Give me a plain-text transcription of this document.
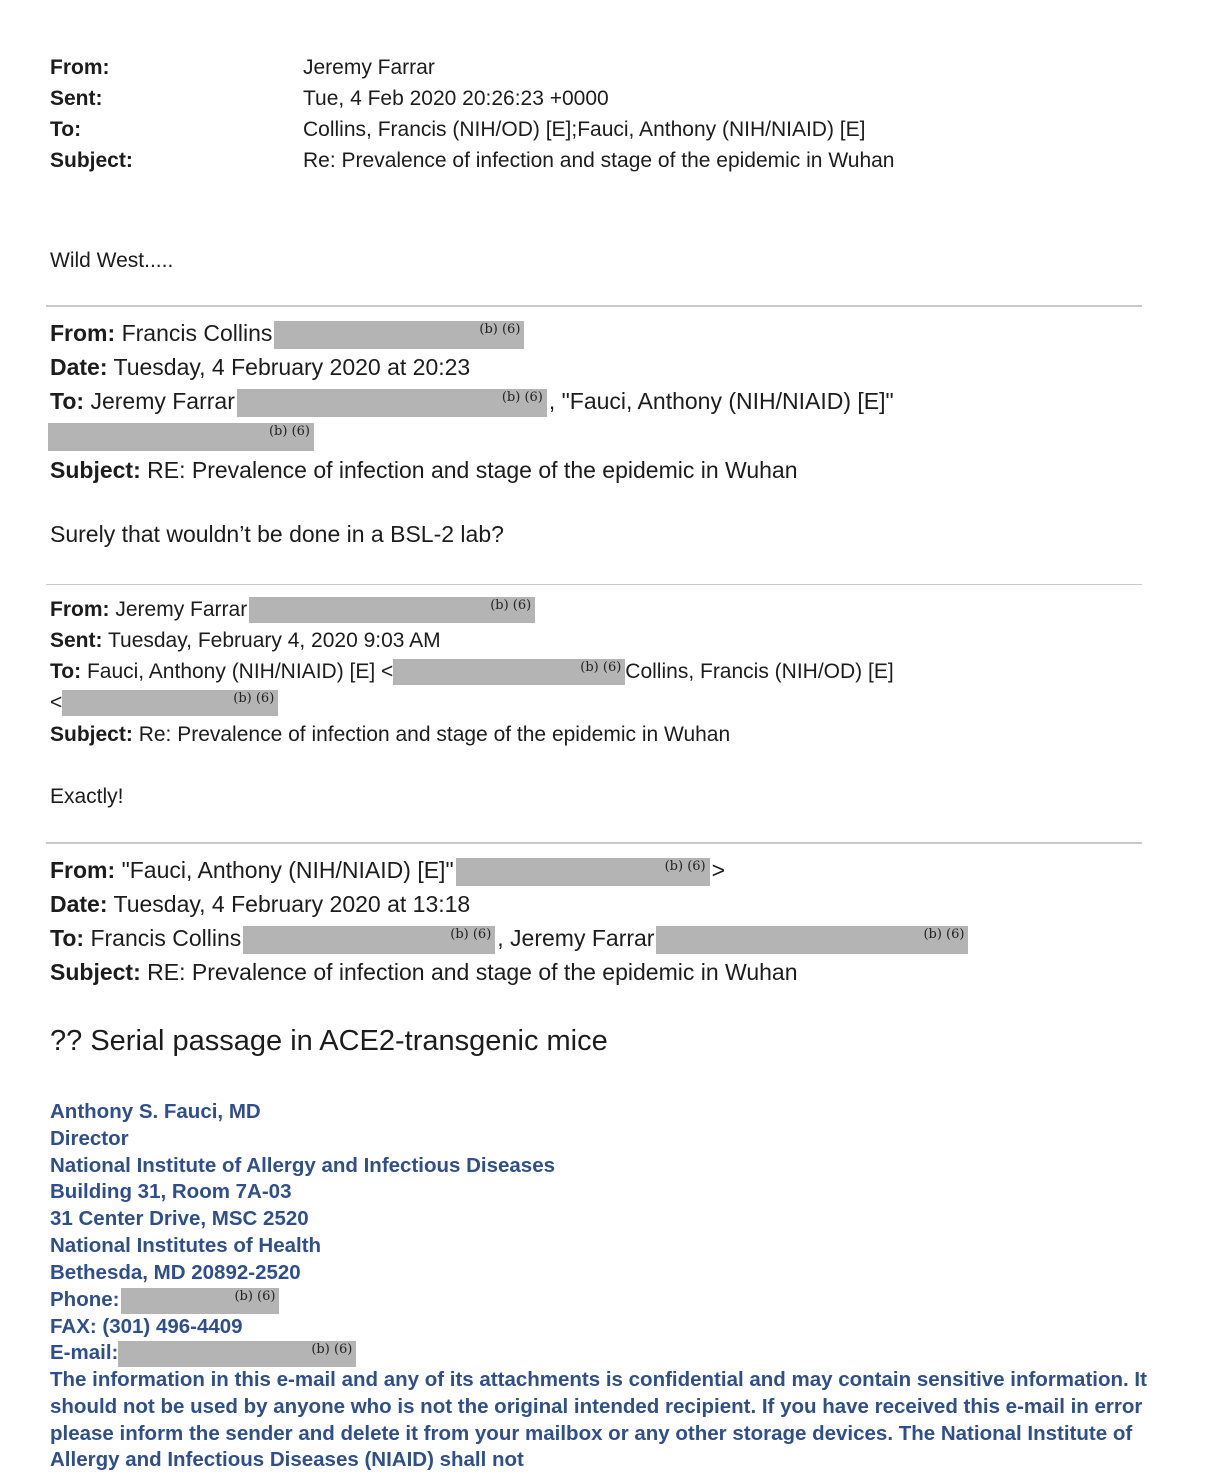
From:	Jeremy Farrar
Sent:	Tue, 4 Feb 2020 20:26:23 +0000
To:	Collins, Francis (NIH/OD) [E];Fauci, Anthony (NIH/NIAID) [E]
Subject:	Re: Prevalence of infection and stage of the epidemic in Wuhan
Wild West.....
From: Francis Collins	(b) (6)
Date: Tuesday, 4 February 2020 at 20:23
To: Jeremy Farrar	(b) (6) , "Fauci, Anthony (NIH/NIAID) [E]"
(b) (6)
Subject: RE: Prevalence of infection and stage of the epidemic in Wuhan
Surely that wouldn’t be done in a BSL-2 lab?
From: Jeremy Farrar	(b) (6)
Sent: Tuesday, February 4, 2020 9:03 AM
To: Fauci, Anthony (NIH/NIAID) [E] <	(b) (6) Collins, Francis (NIH/OD) [E]
<	(b) (6)
Subject: Re: Prevalence of infection and stage of the epidemic in Wuhan
Exactly!
From: "Fauci, Anthony (NIH/NIAID) [E]"	(b) (6) >
Date: Tuesday, 4 February 2020 at 13:18
To: Francis Collins	(b) (6) , Jeremy Farrar	(b) (6)
Subject: RE: Prevalence of infection and stage of the epidemic in Wuhan
?? Serial passage in ACE2-transgenic mice
Anthony S. Fauci, MD
Director
National Institute of Allergy and Infectious Diseases
Building 31, Room 7A-03
31 Center Drive, MSC 2520
National Institutes of Health
Bethesda, MD 20892-2520
Phone:	(b) (6)
FAX: (301) 496-4409
E-mail:	(b) (6)
The information in this e-mail and any of its attachments is confidential and may contain sensitive information. It should not be used by anyone who is not the original intended recipient. If you have received this e-mail in error please inform the sender and delete it from your mailbox or any other storage devices. The National Institute of Allergy and Infectious Diseases (NIAID) shall not
